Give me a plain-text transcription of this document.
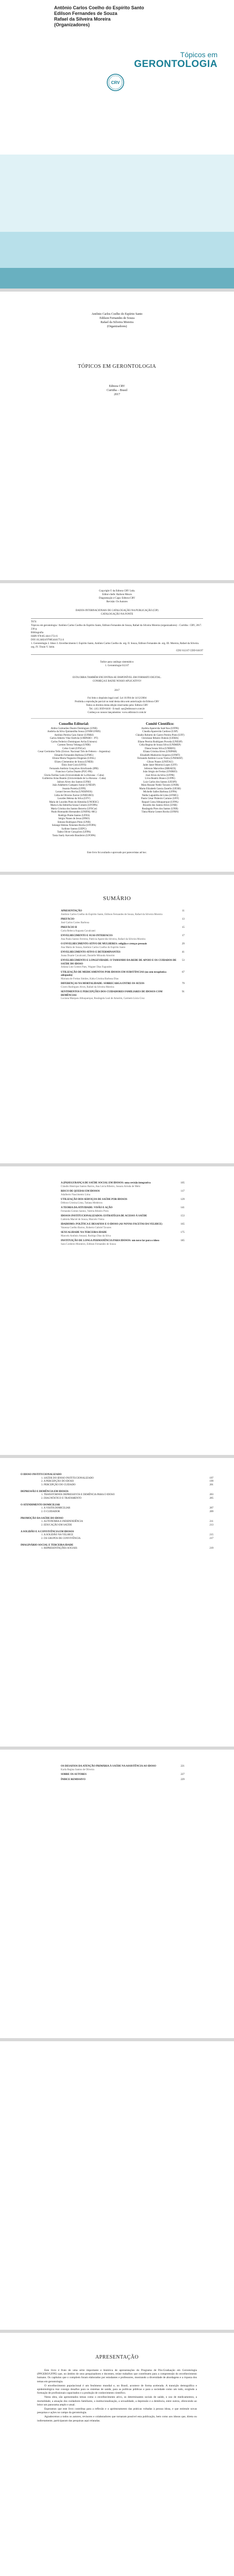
Antônio Carlos Coelho do Espírito Santo
Edilson Fernandes de Souza
Rafael da Silveira Moreira
(Organizadores)
Tópicos em
GERONTOLOGIA
CRV
Antônio Carlos Coelho do Espírito Santo
Edilson Fernandes de Souza
Rafael da Silveira Moreira
(Organizadores)
TÓPICOS EM GERONTOLOGIA
Editora CRV
Curitiba – Brasil
2017
Copyright © da Editora CRV Ltda.
Editor-chefe: Railson Moura
Diagramação e Capa: Editora CRV
Revisão: Os Autores
DADOS INTERNACIONAIS DE CATALOGAÇÃO NA PUBLICAÇÃO (CIP)
CATALOGAÇÃO NA FONTE
T674
Tópicos em gerontologia / Antônio Carlos Coelho do Espírito Santo, Edilson Fernandes de Souza, Rafael da Silveira Moreira (organizadores) – Curitiba : CRV, 2017.
230 p.
Bibliografia
ISBN 978-85-444-1751-6
DOI 10.24824/978854441751.6
1. Gerontologia 2. Idoso 3. Envelhecimento I. Espírito Santo, Antônio Carlos Coelho do. org. II. Souza, Edilson Fernandes de. org. III. Moreira, Rafael da Silveira. org. IV. Título V. Série.
CDU 612.67 CDD 618.97
Índice para catálogo sistemático
1. Gerontologia 612.67
ESTA OBRA TAMBÉM ENCONTRA-SE DISPONÍVEL EM FORMATO DIGITAL.
CONHEÇA E BAIXE NOSSO APLICATIVO!
2017
Foi feito o depósito legal conf. Lei 10.994 de 14/12/2004
Proibida a reprodução parcial ou total desta obra sem autorização da Editora CRV
Todos os direitos desta edição reservados pela: Editora CRV
Tel.: (41) 3039-6418 - E-mail: sac@editoracrv.com.br
Conheça os nossos lançamentos: www.editoracrv.com.br
Conselho Editorial:
Aldira Guimarães Duarte Domínguez (UNB)
Andréia da Silva Quintanilha Sousa (UNIR/UFRN)
Antônio Pereira Gaio Júnior (UFRRJ)
Carlos Alberto Vilar Estêvão (UMINHO – PT)
Carlos Federico Dominguez Avila (Unieuro)
Carmen Tereza Velanga (UNIR)
Celso Conti (UFSCar)
Cesar Gerónimo Tello (Univer. Nacional Três de Febrero – Argentina)
Eduardo Fernandes Barbosa (UFMG)
Elione Maria Nogueira Diogenes (UFAL)
Elizeu Clementino de Souza (UNEB)
Élsio José Corá (UFFS)
Fernando Antônio Gonçalves Alcoforado (IPB)
Francisco Carlos Duarte (PUC-PR)
Gloria Fariñas León (Universidade de La Havana – Cuba)
Guillermo Arias Beatón (Universidade de La Havana – Cuba)
Jailson Alves dos Santos (UFRJ)
João Adalberto Campato Junior (UNESP)
Josania Portela (UFPI)
Leonel Severo Rocha (UNISINOS)
Lídia de Oliveira Xavier (UNIEURO)
Lourdes Helena da Silva (UFV)
Maria de Lourdes Pinto de Almeida (UNOESC)
Maria Lília Imbiriba Sousa Colares (UFOPA)
Maria Cristina dos Santos Bezerra (UFSCar)
Paulo Romualdo Hernandes (UNIFAL-MG)
Rodrigo Pratte-Santos (UFES)
Sérgio Nunes de Jesus (IFRO)
Simone Rodrigues Pinto (UNB)
Solange Helena Ximenes-Rocha (UFOPA)
Sydione Santos (UEPG)
Tadeu Oliver Gonçalves (UFPA)
Tania Suely Azevedo Brasileiro (UFOPA)
Comitê Científico:
Andréa Aparecida Sant'Ana (UFPR)
Claudia Aparecida Cardoso (USP)
Cláudio Roberto de Castro Pereira Pinto (UFF)
Christiane Ribeiro Dubois (UEMA)
Eliane Pereira Rodrigues Poveda (UNESP)
Célia Regina de Souza Silva (UNIMEP)
Diana Souza Silva (UNIRIO)
Eliana Cristina Alves (UNIPAR)
Elizabeth Madureira Siqueira (UFMT)
Fernando Antônio Lucas Vieira (UNEMAT)
Gilson Nunes (UNITAU)
Jader Janer Moreira Lopes (UFF)
Jeferson Marcelino (IBRAEX)
João Sérgio de Freitas (UNIRIO)
José Alves da Silva (UFPR)
Lívia Beatriz Bianco (UFPE)
Luiz Carlos dos Santos (UESPI)
Mara Rosane Noble Tavares (UNIR)
Marta Elizabeth Gassia Zanello (UESB)
Michelle Salles Barbosa (UFPA)
Nádia Laguárdia de Lima (UFMG)
Paulo César Pinheiro Carrano (UFF)
Raquel Costa Albuquerque (UFPA)
Ricardo dos Santos Alves (UNB)
Rosângela Pires dos Santos (UNB)
Tânia Maria Gomes Rocha (UFRN)
Este livro foi avaliado e aprovado por pareceristas ad hoc.
SUMÁRIO
APRESENTAÇÃO
Antônio Carlos Coelho do Espírito Santo, Edilson Fernandes de Souza, Rafael da Silveira Moreira
11
PREFÁCIO
José Carlos Cortes Barbosa
13
PREFÁCIO II
Carla Rebeca Augusta Cavalcanti
15
ENVELHECIMENTO E SUAS INTERFACES
Ana Paula Santos Ferreira, Patrícia Aparecida Silveira, Rafael da Silveira Moreira
17
O ENVELHECIMENTO ATIVO DE MULHERES: religião e crenças pessoais
Ana Maria de Sousa, Antônio Carlos Coelho do Espírito Santo
29
ENVELHECIMENTO ATIVO E DETERMINANTES
Joana Duarte Cavalcanti, Danielle Miranda Amorim
41
ENVELHECIMENTO E LONGEVIDADE: O TAMANHO DA REDE DE APOIO E OS CUIDADOS DE SAÚDE DO IDOSO
Juliana Lins Gomes Paes, Wagner Dias Fagundes
53
UTILIZAÇÃO DE MEDICAMENTOS POR IDOSOS EM SUBSTÂNCIAS (ou sem terapêutica adequada)
Mariana de Freitas Simões, Kátia Cristina Barbosa Dias
67
DIFERENÇAS NA MORTALIDADE: SOBRECARGA ENTRE OS SEXOS
Cícero Rodrigues Alves, Rafael da Silveira Moreira
79
SENTIMENTOS E PERCEPÇÕES DOS CUIDADORES FAMILIARES DE IDOSOS COM DEMÊNCIAS
Luciana Marques Albuquerque, Rosângela Leal de Amorim, Carmem Lúcia Cruz
91
A (IN)SEGURANÇA DE SAÚDE SOCIAL EM IDOSOS: uma revisão integrativa
Cláudio Henrique Santos Barros, Ana Lúcia Ribeiro, Jussara Arruda de Melo
105
RISCO DE QUEDAS EM IDOSOS
Adalberto Nascimento Lima
117
UTILIZAÇÃO DOS SERVIÇOS DE SAÚDE POR IDOSOS
Débora Cristina Lima, Tatiana Medeiros
129
A TEORIA DA ATIVIDADE: VISÃO E AÇÃO
Fernanda Gomes Santos, Valéria Ribeiro Pires
141
IDOSOS INSTITUCIONALIZADOS: ESTRATÉGIA DE ACESSO À SAÚDE
Gabriela Maciel de Souza, Marcelo Vieira
153
IDADISMO: POLÍTICA E DESAFIOS E O IDOSO (AS NOVAS FACETAS DA VELHICE)
Vanessa Coelho Barros, Roberto Gabriel Tavares
165
SEXUALIDADE NA TERCEIRA IDADE
Marcelo Antônio Amaral, Rodrigo Dias da Silva
175
INSTITUIÇÃO DE LONGA PERMANÊNCIA PARA IDOSOS: um novo lar para o idoso
Sara Cordeiro Monteiro, Edilson Fernandes de Souza
185
O IDOSO INSTITUCIONALIZADO
1. SAÚDE DO IDOSO INSTITUCIONALIZADO	197
2. A PERCEPÇÃO DO IDOSO	199
3. PERCEPÇÃO DO CUIDADO	201

DEPRESSÃO E DEMÊNCIA EM IDOSOS
1. TRANSTORNOS DEPRESSIVOS E DEMÊNCIA PARA O IDOSO	203
2. DIAGNÓSTICO E TRATAMENTO	205

O ATENDIMENTO DOMICILIAR
1. A VISITA DOMICILIAR	207
2. O CUIDADOR	209

PROMOÇÃO DA SAÚDE DO IDOSO
1. AUTONOMIA E INDEPENDÊNCIA	211
2. EDUCAÇÃO EM SAÚDE	213

A SOLIDÃO E A CONVIVÊNCIA EM IDOSOS
1. A SOLIDÃO NA VELHICE	215
2. OS GRUPOS DE CONVIVÊNCIA	217

IMAGINÁRIO SOCIAL E TERCEIRA IDADE
1. REPRESENTAÇÕES SOCIAIS	219

OS DESAFIOS DA ATENÇÃO PRIMÁRIA À SAÚDE NA ASSISTÊNCIA AO IDOSO
Karla Regina Santos de Oliveira
221
SOBRE OS AUTORES	227
ÍNDICE REMISSIVO	229
APRESENTAÇÃO

Este livro é fruto de uma série importante e histórica de apresentações do Programa de Pós-Graduação em Gerontologia (PPGERO/UFPE) que, no âmbito de seus pesquisadores e docentes, reúne trabalhos que contribuem para a compreensão do envelhecimento humano. Os capítulos que o compõem foram elaborados por estudantes e professores, mostrando a diversidade de abordagens e a riqueza dos temas em gerontologia.

O envelhecimento populacional é um fenômeno mundial e, no Brasil, acontece de forma acelerada. A transição demográfica e epidemiológica traz consigo desafios para os sistemas de saúde, para as políticas públicas e para a sociedade como um todo, exigindo a formação de profissionais capacitados e a produção de conhecimento científico.

Nesta obra, são apresentados temas como o envelhecimento ativo, os determinantes sociais de saúde, o uso de medicamentos, a mortalidade, a atuação dos cuidadores familiares, a institucionalização, a sexualidade, a depressão e a demência, entre outros, oferecendo ao leitor um panorama amplo e atual.

Esperamos que este livro contribua para a reflexão e o aprimoramento das práticas voltadas à pessoa idosa, e que estimule novas pesquisas e ações no campo da gerontologia.

Agradecemos a todos os autores, revisores e colaboradores que tornaram possível esta publicação, bem como aos idosos que, direta ou indiretamente, participaram das pesquisas aqui relatadas.
